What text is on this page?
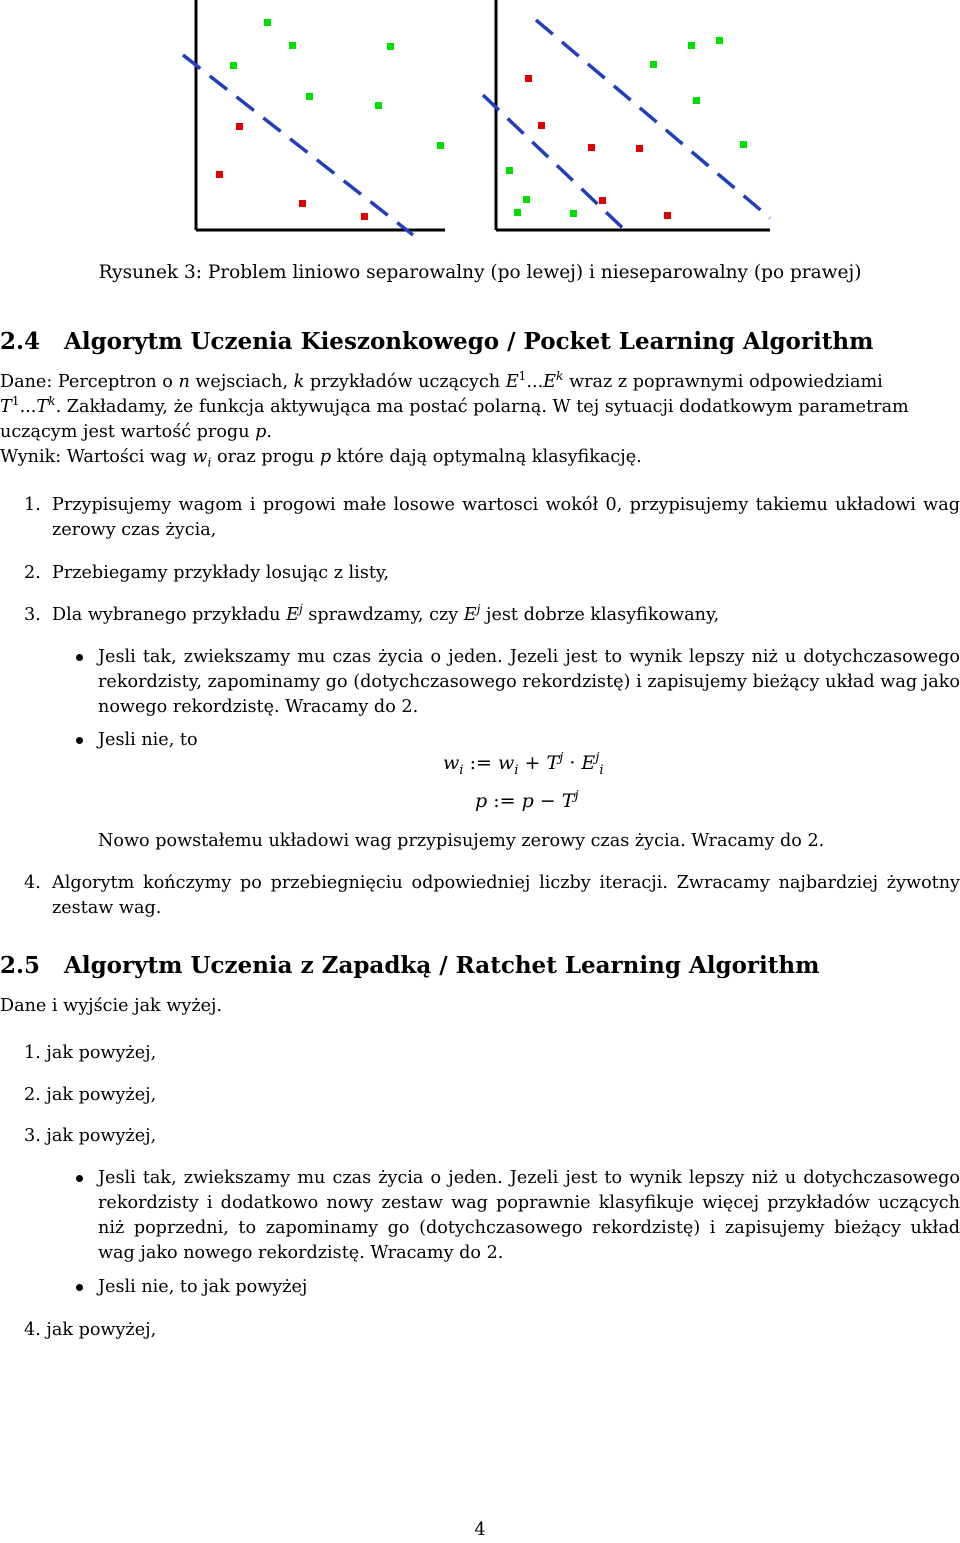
Rysunek 3: Problem liniowo separowalny (po lewej) i nieseparowalny (po prawej)
2.4 Algorytm Uczenia Kieszonkowego / Pocket Learning Algorithm
Dane: Perceptron o n wejsciach, k przykładów uczących $E^1...E^k$ wraz z poprawnymi odpowiedziami
$T^1...T^k$. Zakładamy, że funkcja aktywująca ma postać polarną. W tej sytuacji dodatkowym parametram
uczącym jest wartość progu p.
Wynik: Wartości wag $w_i$ oraz progu p które dają optymalną klasyfikację.
1. Przypisujemy wagom i progowi małe losowe wartosci wokół 0, przypisujemy takiemu układowi wag zerowy czas życia,
2. Przebiegamy przykłady losując z listy,
3. Dla wybranego przykładu $E^j$ sprawdzamy, czy $E^j$ jest dobrze klasyfikowany,
Jesli tak, zwiekszamy mu czas życia o jeden. Jezeli jest to wynik lepszy niż u dotychczasowego rekordzisty, zapominamy go (dotychczasowego rekordzistę) i zapisujemy bieżący układ wag jako nowego rekordzistę. Wracamy do 2.
Jesli nie, to
$w_i$ := $w_i + T^j \cdot E^j_i$
p := $p - T^j$
Nowo powstałemu układowi wag przypisujemy zerowy czas życia. Wracamy do 2.
4. Algorytm kończymy po przebiegnięciu odpowiedniej liczby iteracji. Zwracamy najbardziej żywotny zestaw wag.
2.5 Algorytm Uczenia z Zapadką / Ratchet Learning Algorithm
Dane i wyjście jak wyżej.
1. jak powyżej,
2. jak powyżej,
3. jak powyżej,
Jesli tak, zwiekszamy mu czas życia o jeden. Jezeli jest to wynik lepszy niż u dotychczasowego rekordzisty i dodatkowo nowy zestaw wag poprawnie klasyfikuje więcej przykładów uczących niż poprzedni, to zapominamy go (dotychczasowego rekordzistę) i zapisujemy bieżący układ wag jako nowego rekordzistę. Wracamy do 2.
Jesli nie, to jak powyżej
4. jak powyżej,
4
